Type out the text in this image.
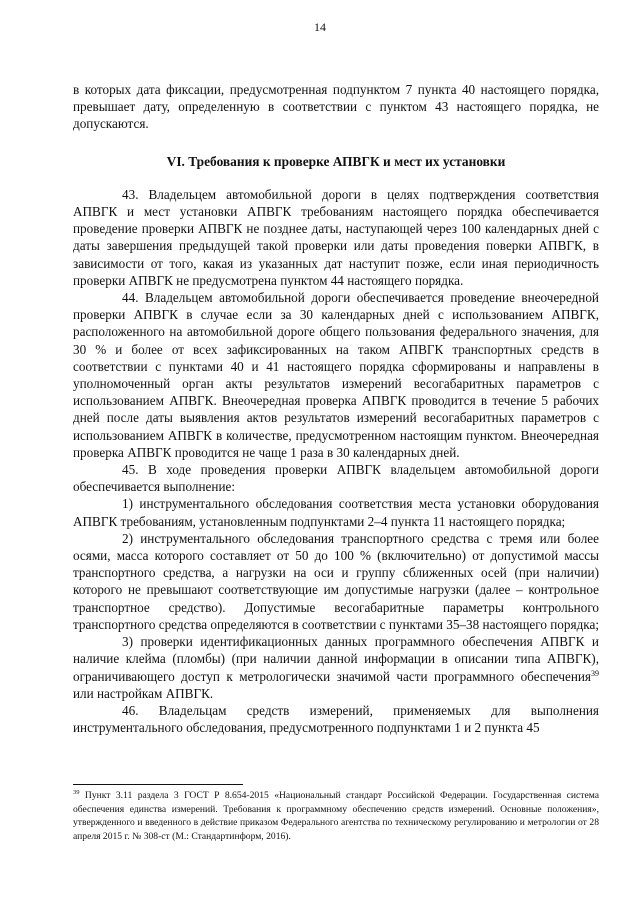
14

в которых дата фиксации, предусмотренная подпунктом 7 пункта 40 настоящего порядка, превышает дату, определенную в соответствии с пунктом 43 настоящего порядка, не допускаются.

VI. Требования к проверке АПВГК и мест их установки

43. Владельцем автомобильной дороги в целях подтверждения соответствия АПВГК и мест установки АПВГК требованиям настоящего порядка обеспечивается проведение проверки АПВГК не позднее даты, наступающей через 100 календарных дней с даты завершения предыдущей такой проверки или даты проведения поверки АПВГК, в зависимости от того, какая из указанных дат наступит позже, если иная периодичность проверки АПВГК не предусмотрена пунктом 44 настоящего порядка.

44. Владельцем автомобильной дороги обеспечивается проведение внеочередной проверки АПВГК в случае если за 30 календарных дней с использованием АПВГК, расположенного на автомобильной дороге общего пользования федерального значения, для 30 % и более от всех зафиксированных на таком АПВГК транспортных средств в соответствии с пунктами 40 и 41 настоящего порядка сформированы и направлены в уполномоченный орган акты результатов измерений весогабаритных параметров с использованием АПВГК. Внеочередная проверка АПВГК проводится в течение 5 рабочих дней после даты выявления актов результатов измерений весогабаритных параметров с использованием АПВГК в количестве, предусмотренном настоящим пунктом. Внеочередная проверка АПВГК проводится не чаще 1 раза в 30 календарных дней.

45. В ходе проведения проверки АПВГК владельцем автомобильной дороги обеспечивается выполнение:

1) инструментального обследования соответствия места установки оборудования АПВГК требованиям, установленным подпунктами 2–4 пункта 11 настоящего порядка;

2) инструментального обследования транспортного средства с тремя или более осями, масса которого составляет от 50 до 100 % (включительно) от допустимой массы транспортного средства, а нагрузки на оси и группу сближенных осей (при наличии) которого не превышают соответствующие им допустимые нагрузки (далее – контрольное транспортное средство). Допустимые весогабаритные параметры контрольного транспортного средства определяются в соответствии с пунктами 35–38 настоящего порядка;

3) проверки идентификационных данных программного обеспечения АПВГК и наличие клейма (пломбы) (при наличии данной информации в описании типа АПВГК), ограничивающего доступ к метрологически значимой части программного обеспечения$^{39}$ или настройкам АПВГК.

46. Владельцам средств измерений, применяемых для выполнения инструментального обследования, предусмотренного подпунктами 1 и 2 пункта 45

$^{39}$ Пункт 3.11 раздела 3 ГОСТ Р 8.654-2015 «Национальный стандарт Российской Федерации. Государственная система обеспечения единства измерений. Требования к программному обеспечению средств измерений. Основные положения», утвержденного и введенного в действие приказом Федерального агентства по техническому регулированию и метрологии от 28 апреля 2015 г. № 308-ст (М.: Стандартинформ, 2016).
